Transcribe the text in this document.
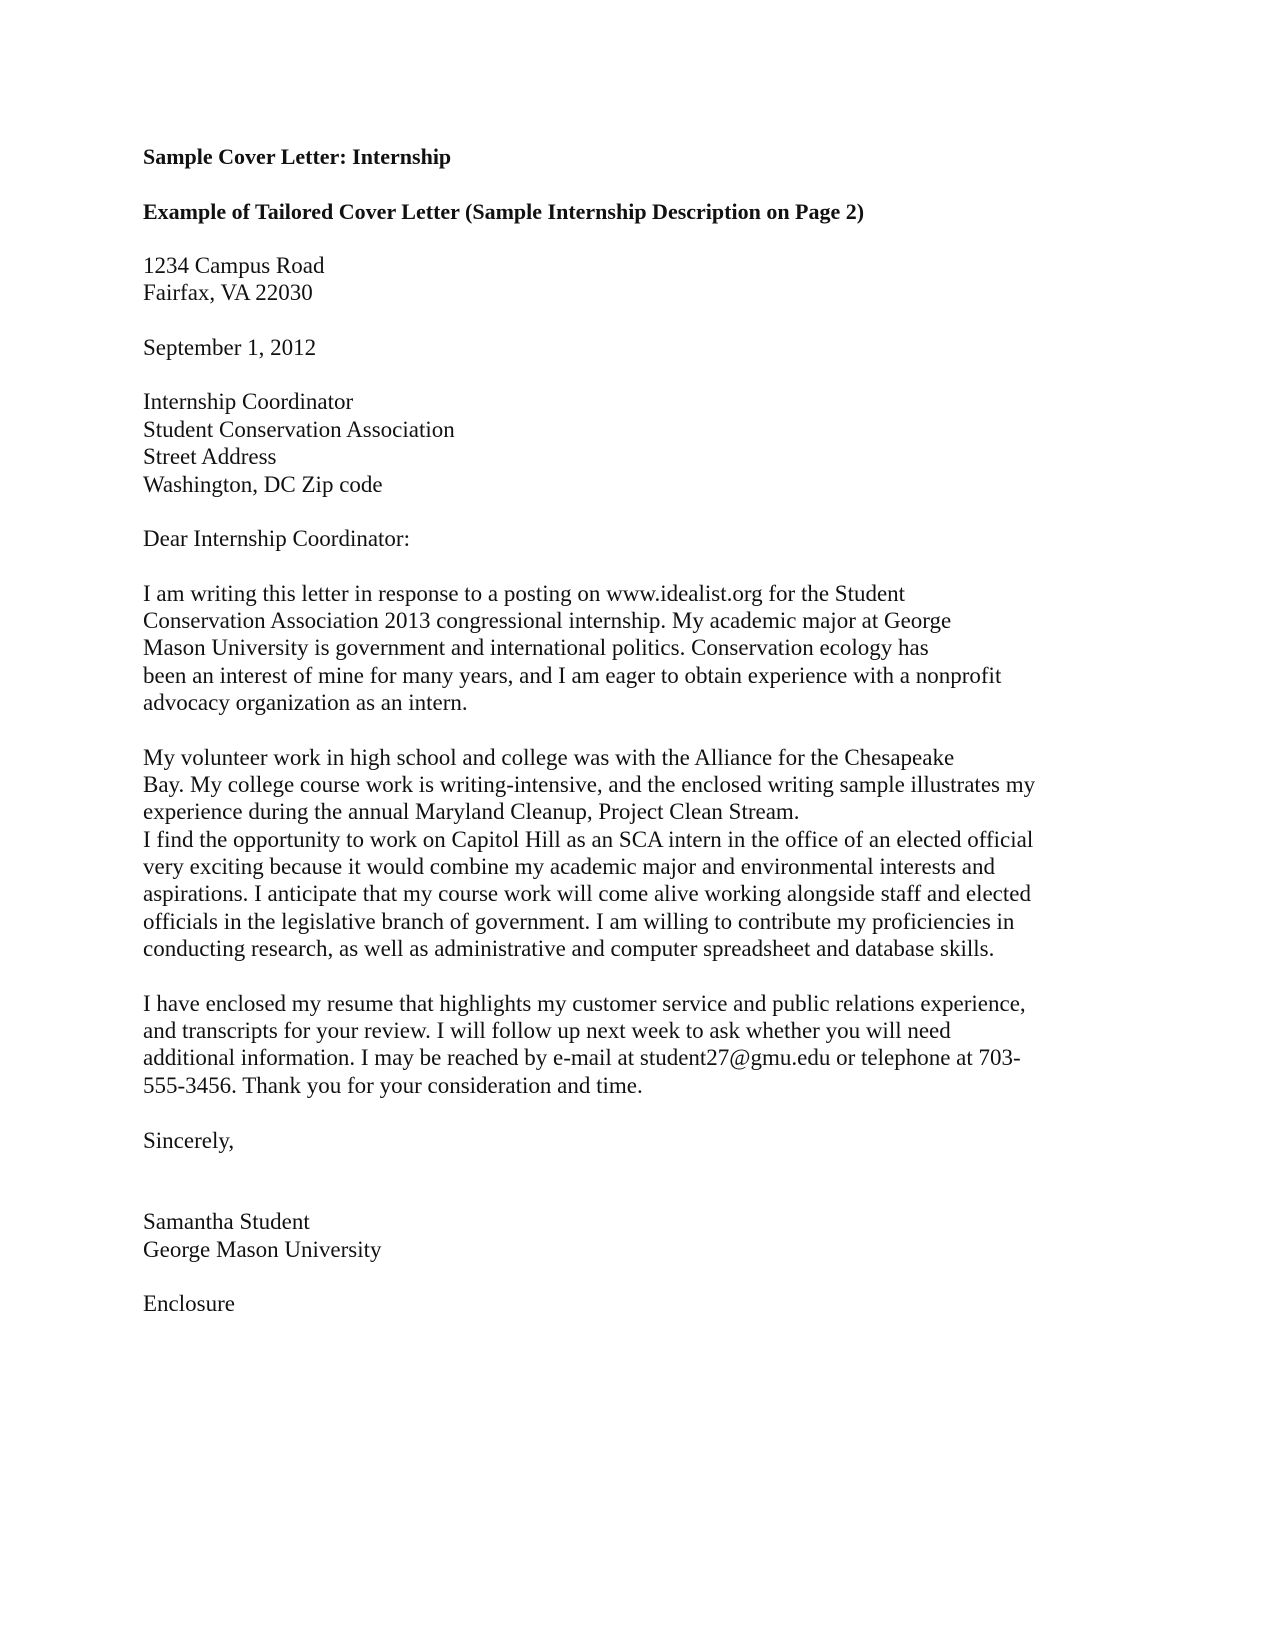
Sample Cover Letter: Internship
Example of Tailored Cover Letter (Sample Internship Description on Page 2)
1234 Campus Road
Fairfax, VA 22030
September 1, 2012
Internship Coordinator
Student Conservation Association
Street Address
Washington, DC Zip code
Dear Internship Coordinator:
I am writing this letter in response to a posting on www.idealist.org for the Student
Conservation Association 2013 congressional internship. My academic major at George
Mason University is government and international politics. Conservation ecology has
been an interest of mine for many years, and I am eager to obtain experience with a nonprofit
advocacy organization as an intern.
My volunteer work in high school and college was with the Alliance for the Chesapeake
Bay. My college course work is writing-intensive, and the enclosed writing sample illustrates my
experience during the annual Maryland Cleanup, Project Clean Stream.
I find the opportunity to work on Capitol Hill as an SCA intern in the office of an elected official
very exciting because it would combine my academic major and environmental interests and
aspirations. I anticipate that my course work will come alive working alongside staff and elected
officials in the legislative branch of government. I am willing to contribute my proficiencies in
conducting research, as well as administrative and computer spreadsheet and database skills.
I have enclosed my resume that highlights my customer service and public relations experience,
and transcripts for your review. I will follow up next week to ask whether you will need
additional information. I may be reached by e-mail at student27@gmu.edu or telephone at 703-
555-3456. Thank you for your consideration and time.
Sincerely,
Samantha Student
George Mason University
Enclosure
